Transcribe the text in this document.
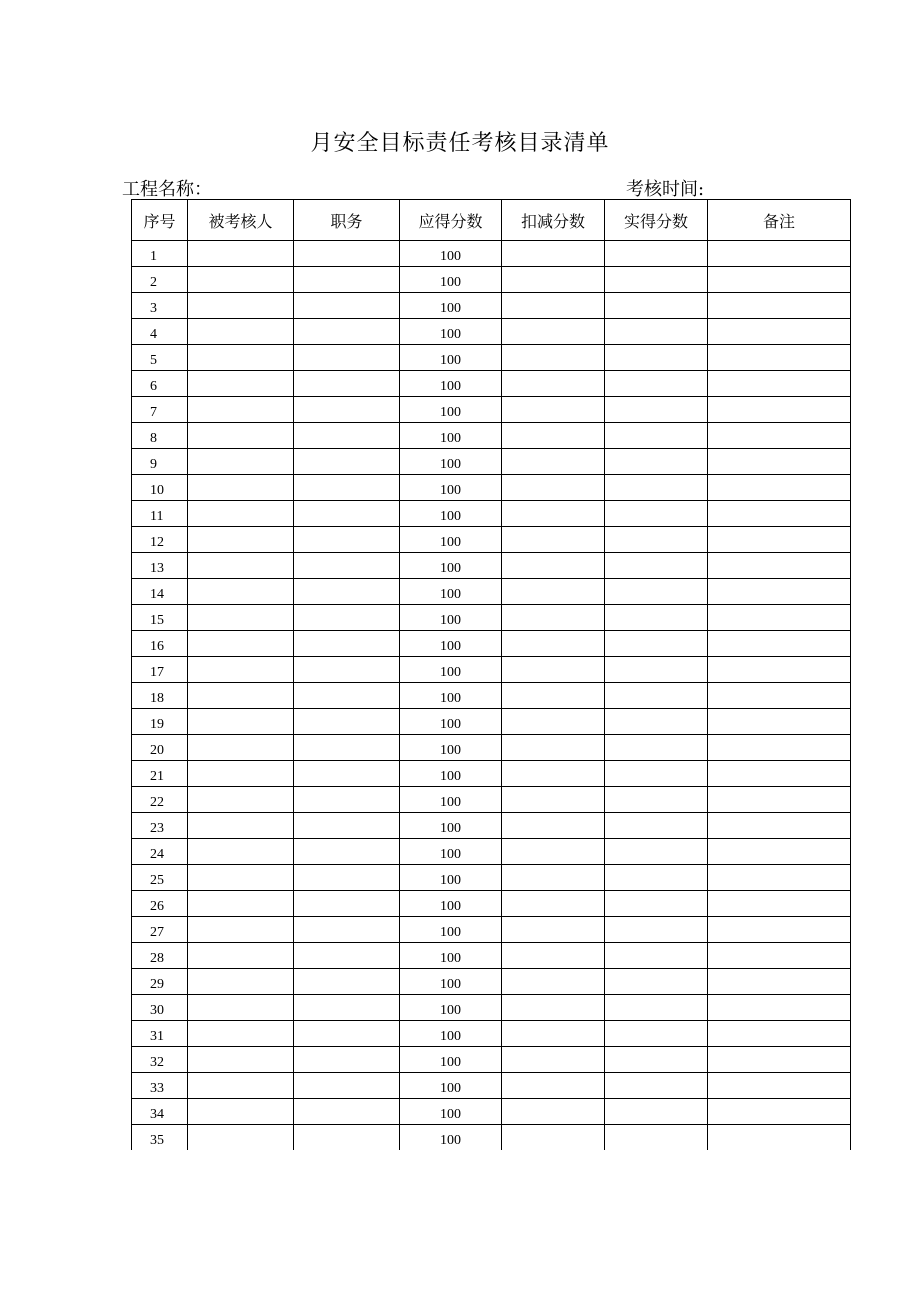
月安全目标责任考核目录清单
工程名称：	考核时间:
序号	被考核人	职务	应得分数	扣减分数	实得分数	备注
1			100			
2			100			
3			100			
4			100			
5			100			
6			100			
7			100			
8			100			
9			100			
10			100			
11			100			
12			100			
13			100			
14			100			
15			100			
16			100			
17			100			
18			100			
19			100			
20			100			
21			100			
22			100			
23			100			
24			100			
25			100			
26			100			
27			100			
28			100			
29			100			
30			100			
31			100			
32			100			
33			100			
34			100			
35			100			
